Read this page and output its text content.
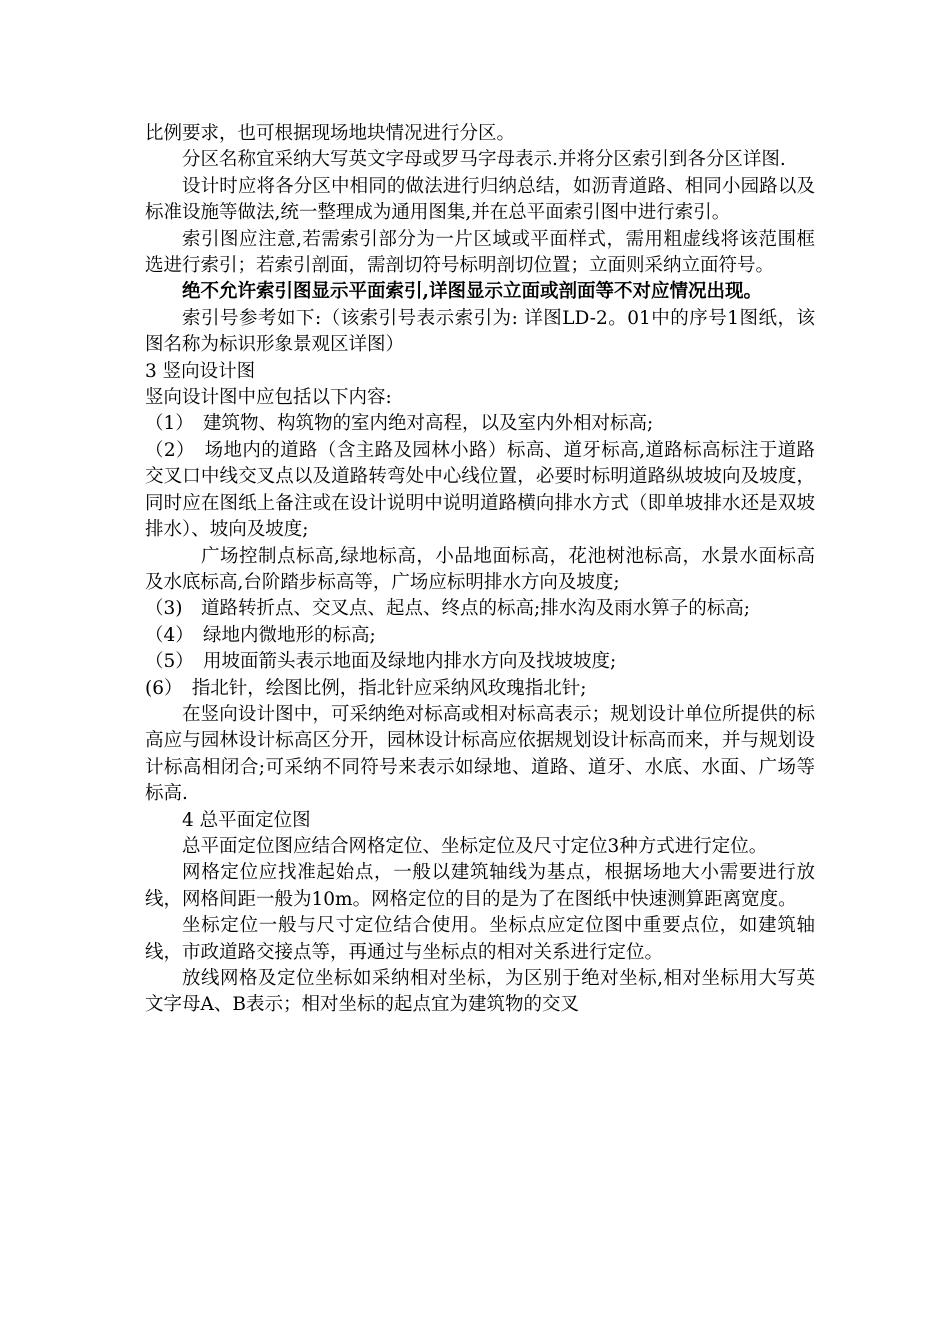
比例要求，也可根据现场地块情况进行分区。

分区名称宜采纳大写英文字母或罗马字母表示.并将分区索引到各分区详图.

设计时应将各分区中相同的做法进行归纳总结，如沥青道路、相同小园路以及标准设施等做法,统一整理成为通用图集,并在总平面索引图中进行索引。

索引图应注意,若需索引部分为一片区域或平面样式，需用粗虚线将该范围框选进行索引；若索引剖面，需剖切符号标明剖切位置；立面则采纳立面符号。

绝不允许索引图显示平面索引,详图显示立面或剖面等不对应情况出现。

索引号参考如下:（该索引号表示索引为: 详图LD-2。01中的序号1图纸，该图名称为标识形象景观区详图）

3 竖向设计图

竖向设计图中应包括以下内容:

（1）　建筑物、构筑物的室内绝对高程，以及室内外相对标高;

（2）　场地内的道路（含主路及园林小路）标高、道牙标高,道路标高标注于道路交叉口中线交叉点以及道路转弯处中心线位置，必要时标明道路纵坡坡向及坡度，同时应在图纸上备注或在设计说明中说明道路横向排水方式（即单坡排水还是双坡排水）、坡向及坡度;

广场控制点标高,绿地标高，小品地面标高，花池树池标高，水景水面标高及水底标高,台阶踏步标高等，广场应标明排水方向及坡度;

（3)　道路转折点、交叉点、起点、终点的标高;排水沟及雨水箅子的标高;

（4）　绿地内微地形的标高;

（5）　用坡面箭头表示地面及绿地内排水方向及找坡坡度;

(6）　指北针，绘图比例，指北针应采纳风玫瑰指北针;

在竖向设计图中，可采纳绝对标高或相对标高表示；规划设计单位所提供的标高应与园林设计标高区分开，园林设计标高应依据规划设计标高而来，并与规划设计标高相闭合;可采纳不同符号来表示如绿地、道路、道牙、水底、水面、广场等标高.

4 总平面定位图

总平面定位图应结合网格定位、坐标定位及尺寸定位3种方式进行定位。

网格定位应找准起始点，一般以建筑轴线为基点，根据场地大小需要进行放线，网格间距一般为10m。网格定位的目的是为了在图纸中快速测算距离宽度。

坐标定位一般与尺寸定位结合使用。坐标点应定位图中重要点位，如建筑轴线，市政道路交接点等，再通过与坐标点的相对关系进行定位。

放线网格及定位坐标如采纳相对坐标，为区别于绝对坐标,相对坐标用大写英文字母A、B表示；相对坐标的起点宜为建筑物的交叉
